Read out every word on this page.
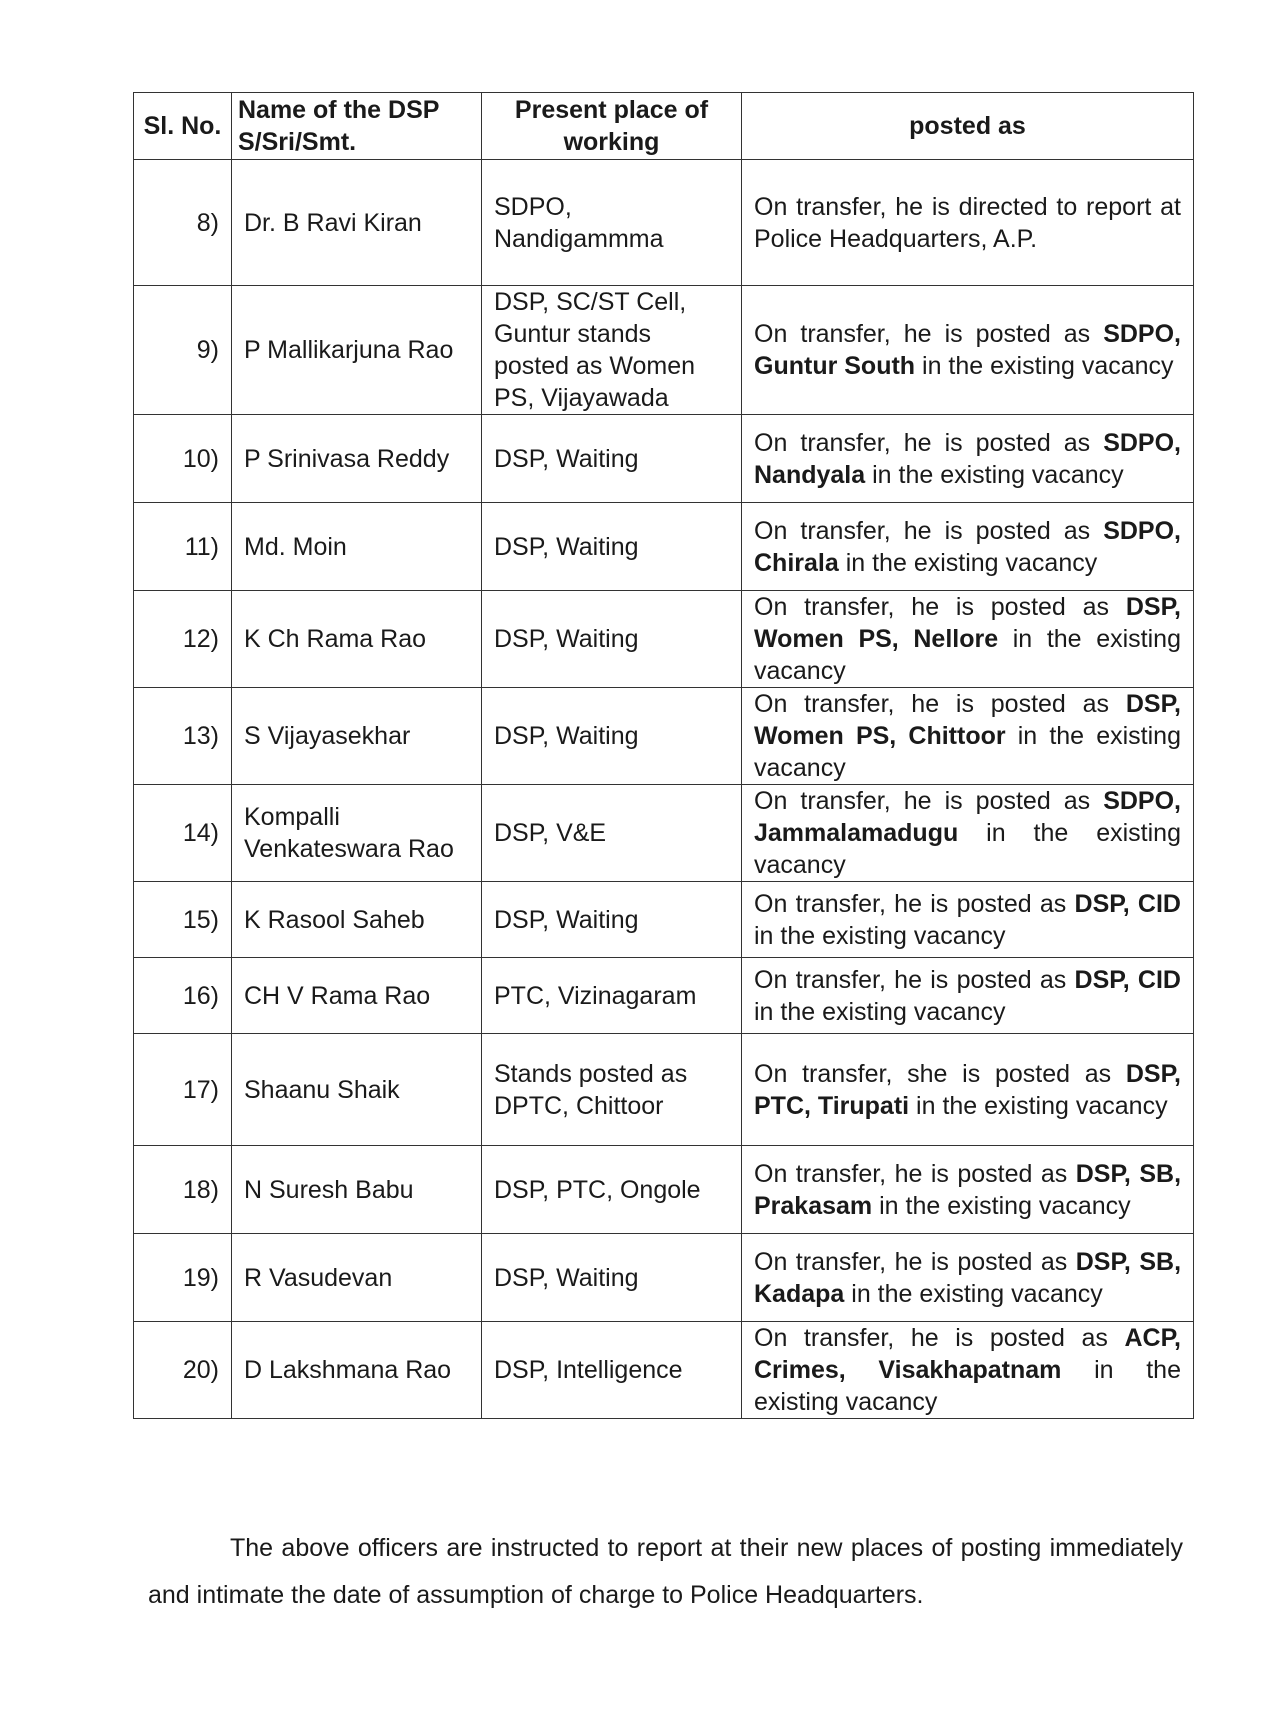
Sl. No.	Name of the DSP S/Sri/Smt.	Present place of working	posted as
8)	Dr. B Ravi Kiran	SDPO, Nandigammma	On transfer, he is directed to report at Police Headquarters, A.P.
9)	P Mallikarjuna Rao	DSP, SC/ST Cell, Guntur stands posted as Women PS, Vijayawada	On transfer, he is posted as SDPO, Guntur South in the existing vacancy
10)	P Srinivasa Reddy	DSP, Waiting	On transfer, he is posted as SDPO, Nandyala in the existing vacancy
11)	Md. Moin	DSP, Waiting	On transfer, he is posted as SDPO, Chirala in the existing vacancy
12)	K Ch Rama Rao	DSP, Waiting	On transfer, he is posted as DSP, Women PS, Nellore in the existing vacancy
13)	S Vijayasekhar	DSP, Waiting	On transfer, he is posted as DSP, Women PS, Chittoor in the existing vacancy
14)	Kompalli Venkateswara Rao	DSP, V&E	On transfer, he is posted as SDPO, Jammalamadugu in the existing vacancy
15)	K Rasool Saheb	DSP, Waiting	On transfer, he is posted as DSP, CID in the existing vacancy
16)	CH V Rama Rao	PTC, Vizinagaram	On transfer, he is posted as DSP, CID in the existing vacancy
17)	Shaanu Shaik	Stands posted as DPTC, Chittoor	On transfer, she is posted as DSP, PTC, Tirupati in the existing vacancy
18)	N Suresh Babu	DSP, PTC, Ongole	On transfer, he is posted as DSP, SB, Prakasam in the existing vacancy
19)	R Vasudevan	DSP, Waiting	On transfer, he is posted as DSP, SB, Kadapa in the existing vacancy
20)	D Lakshmana Rao	DSP, Intelligence	On transfer, he is posted as ACP, Crimes, Visakhapatnam in the existing vacancy

The above officers are instructed to report at their new places of posting immediately and intimate the date of assumption of charge to Police Headquarters.
